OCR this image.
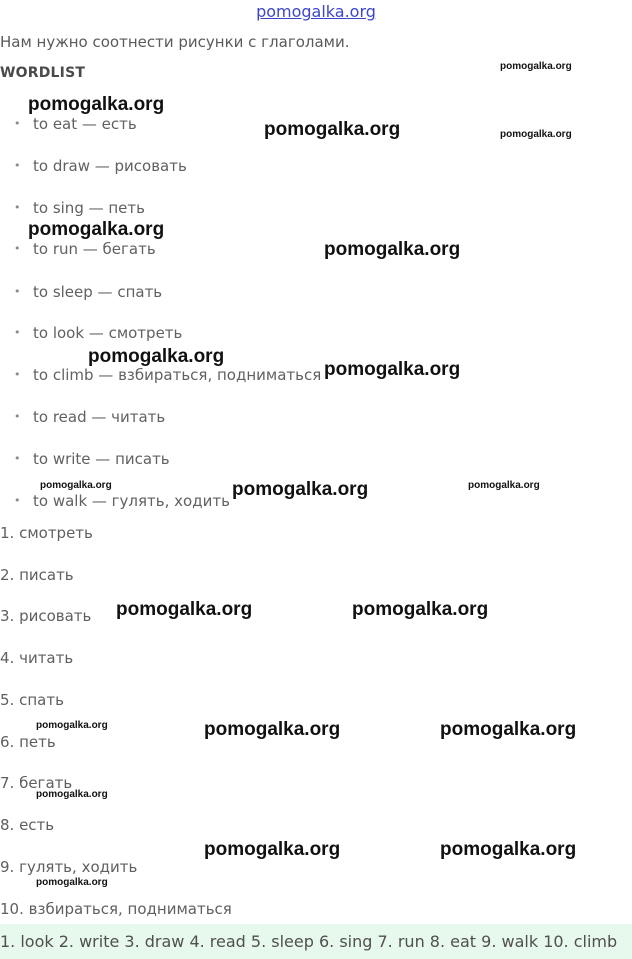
pomogalka.org
Нам нужно соотнести рисунки с глаголами.
WORDLIST
• to eat — есть
• to draw — рисовать
• to sing — петь
• to run — бегать
• to sleep — спать
• to look — смотреть
• to climb — взбираться, подниматься
• to read — читать
• to write — писать
• to walk — гулять, ходить
1. смотреть
2. писать
3. рисовать
4. читать
5. спать
6. петь
7. бегать
8. есть
9. гулять, ходить
10. взбираться, подниматься
1. look 2. write 3. draw 4. read 5. sleep 6. sing 7. run 8. eat 9. walk 10. climb
pomogalka.org
pomogalka.org
pomogalka.org	pomogalka.org
pomogalka.org
pomogalka.org
pomogalka.org
pomogalka.org
pomogalka.org	pomogalka.org	pomogalka.org
pomogalka.org	pomogalka.org
pomogalka.org	pomogalka.org	pomogalka.org
pomogalka.org
pomogalka.org	pomogalka.org
pomogalka.org
